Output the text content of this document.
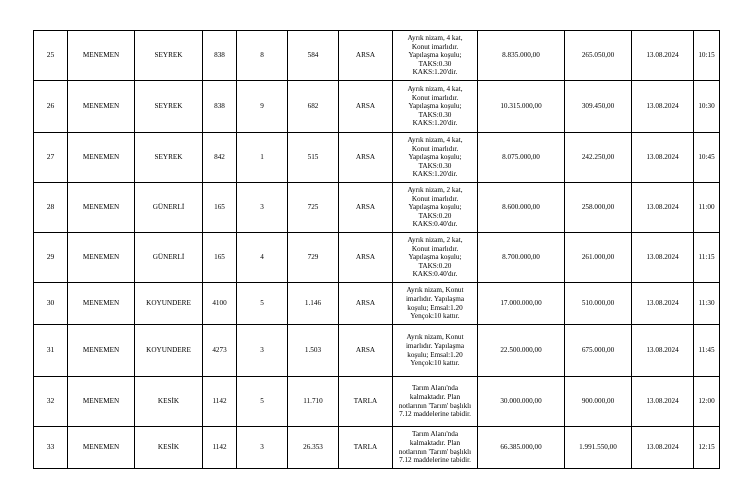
25	MENEMEN	SEYREK	838	8	584	ARSA	Ayrık nizam, 4 kat,
Konut imarlıdır.
Yapılaşma koşulu;
TAKS:0.30
KAKS:1.20'dir.	8.835.000,00	265.050,00	13.08.2024	10:15
26	MENEMEN	SEYREK	838	9	682	ARSA	Ayrık nizam, 4 kat,
Konut imarlıdır.
Yapılaşma koşulu;
TAKS:0.30
KAKS:1.20'dir.	10.315.000,00	309.450,00	13.08.2024	10:30
27	MENEMEN	SEYREK	842	1	515	ARSA	Ayrık nizam, 4 kat,
Konut imarlıdır.
Yapılaşma koşulu;
TAKS:0.30
KAKS:1.20'dir.	8.075.000,00	242.250,00	13.08.2024	10:45
28	MENEMEN	GÜNERLİ	165	3	725	ARSA	Ayrık nizam, 2 kat,
Konut imarlıdır.
Yapılaşma koşulu;
TAKS:0.20
KAKS:0.40'dır.	8.600.000,00	258.000,00	13.08.2024	11:00
29	MENEMEN	GÜNERLİ	165	4	729	ARSA	Ayrık nizam, 2 kat,
Konut imarlıdır.
Yapılaşma koşulu;
TAKS:0.20
KAKS:0.40'dır.	8.700.000,00	261.000,00	13.08.2024	11:15
30	MENEMEN	KOYUNDERE	4100	5	1.146	ARSA	Ayrık nizam, Konut
imarlıdır. Yapılaşma
koşulu; Emsal:1.20
Yençok:10 kattır.	17.000.000,00	510.000,00	13.08.2024	11:30
31	MENEMEN	KOYUNDERE	4273	3	1.503	ARSA	Ayrık nizam, Konut
imarlıdır. Yapılaşma
koşulu; Emsal:1.20
Yençok:10 kattır.	22.500.000,00	675.000,00	13.08.2024	11:45
32	MENEMEN	KESİK	1142	5	11.710	TARLA	Tarım Alanı'nda
kalmaktadır. Plan
notlarının 'Tarım' başlıklı
7.12 maddelerine tabidir.	30.000.000,00	900.000,00	13.08.2024	12:00
33	MENEMEN	KESİK	1142	3	26.353	TARLA	Tarım Alanı'nda
kalmaktadır. Plan
notlarının 'Tarım' başlıklı
7.12 maddelerine tabidir.	66.385.000,00	1.991.550,00	13.08.2024	12:15
